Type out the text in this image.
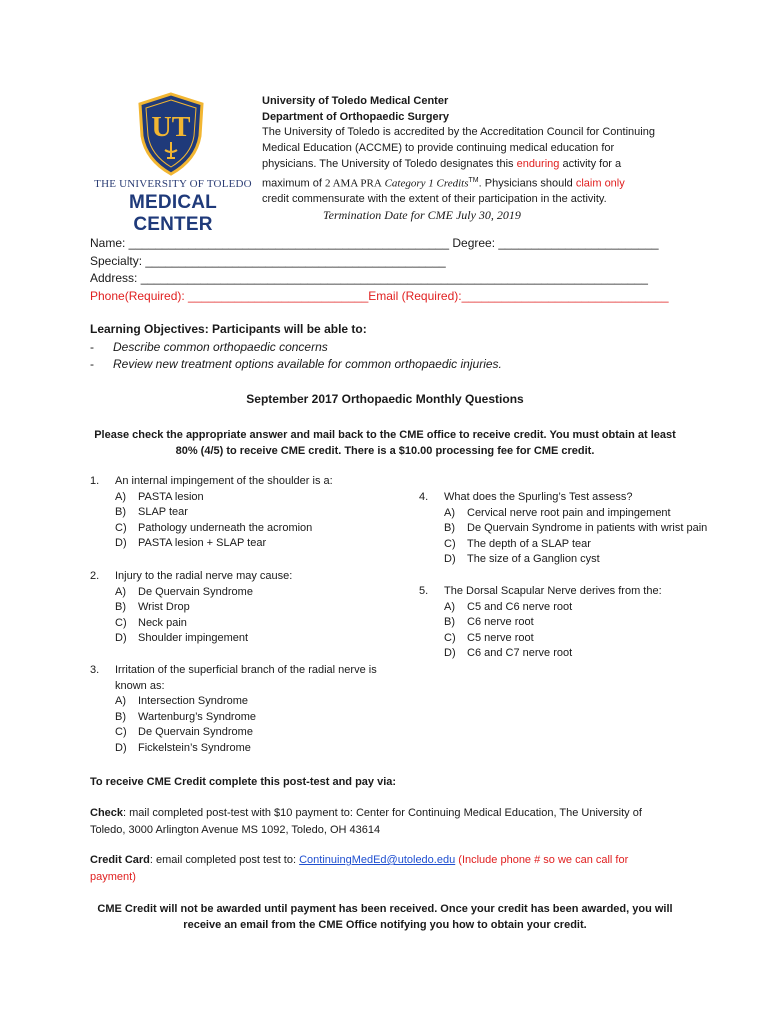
UT
THE UNIVERSITY OF TOLEDO
MEDICAL CENTER
University of Toledo Medical Center
Department of Orthopaedic Surgery
The University of Toledo is accredited by the Accreditation Council for Continuing
Medical Education (ACCME) to provide continuing medical education for
physicians. The University of Toledo designates this enduring activity for a
maximum of 2 AMA PRA Category 1 Credits™. Physicians should claim only
credit commensurate with the extent of their participation in the activity.
Termination Date for CME July 30, 2019
Name: ________________________________________________ Degree: ________________________
Specialty: _____________________________________________
Address: ____________________________________________________________________________
Phone(Required): ___________________________Email (Required):_______________________________
Learning Objectives: Participants will be able to:
- Describe common orthopaedic concerns
- Review new treatment options available for common orthopaedic injuries.
September 2017 Orthopaedic Monthly Questions
Please check the appropriate answer and mail back to the CME office to receive credit. You must obtain at least
80% (4/5) to receive CME credit. There is a $10.00 processing fee for CME credit.
1. An internal impingement of the shoulder is a:
A) PASTA lesion
B) SLAP tear
C) Pathology underneath the acromion
D) PASTA lesion + SLAP tear
2. Injury to the radial nerve may cause:
A) De Quervain Syndrome
B) Wrist Drop
C) Neck pain
D) Shoulder impingement
3. Irritation of the superficial branch of the radial nerve is
known as:
A) Intersection Syndrome
B) Wartenburg’s Syndrome
C) De Quervain Syndrome
D) Fickelstein’s Syndrome
4. What does the Spurling’s Test assess?
A) Cervical nerve root pain and impingement
B) De Quervain Syndrome in patients with wrist pain
C) The depth of a SLAP tear
D) The size of a Ganglion cyst
5. The Dorsal Scapular Nerve derives from the:
A) C5 and C6 nerve root
B) C6 nerve root
C) C5 nerve root
D) C6 and C7 nerve root
To receive CME Credit complete this post-test and pay via:
Check: mail completed post-test with $10 payment to: Center for Continuing Medical Education, The University of
Toledo, 3000 Arlington Avenue MS 1092, Toledo, OH 43614
Credit Card: email completed post test to: ContinuingMedEd@utoledo.edu (Include phone # so we can call for
payment)
CME Credit will not be awarded until payment has been received. Once your credit has been awarded, you will
receive an email from the CME Office notifying you how to obtain your credit.
